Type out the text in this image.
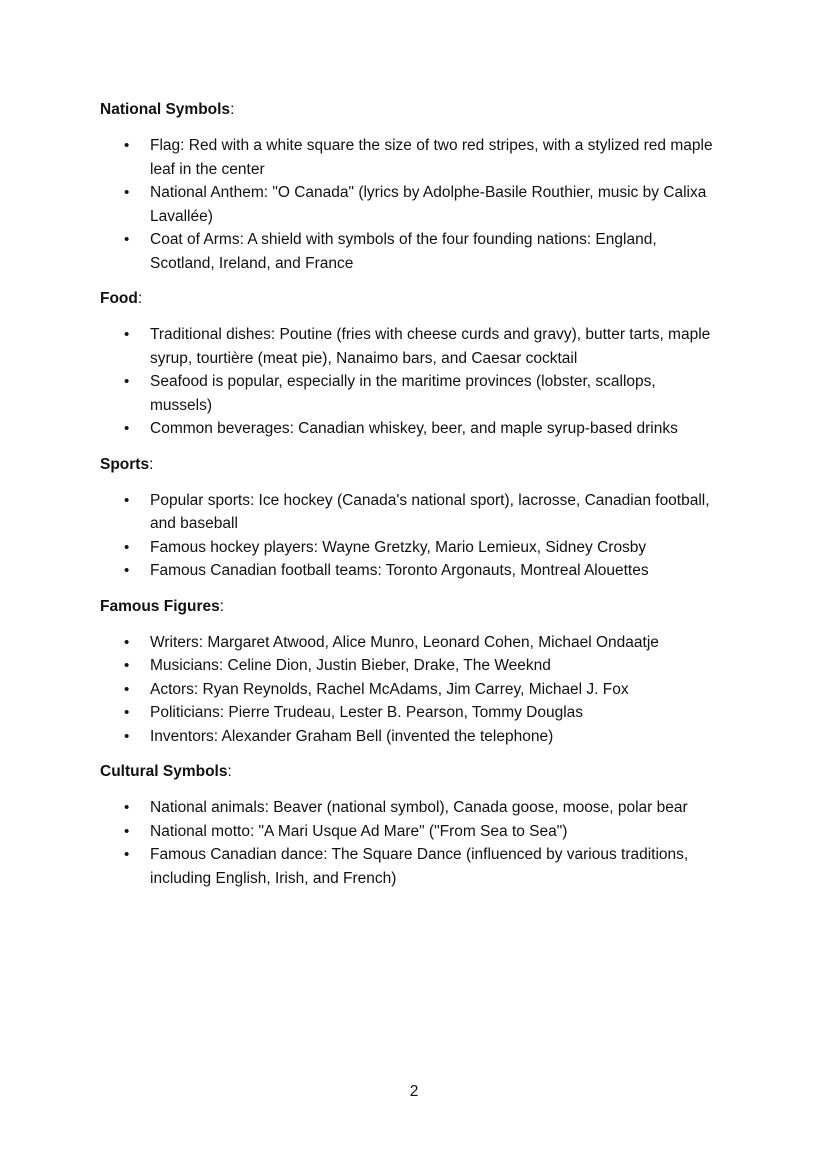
National Symbols:

• Flag: Red with a white square the size of two red stripes, with a stylized red maple leaf in the center
• National Anthem: "O Canada" (lyrics by Adolphe-Basile Routhier, music by Calixa Lavallée)
• Coat of Arms: A shield with symbols of the four founding nations: England, Scotland, Ireland, and France

Food:

• Traditional dishes: Poutine (fries with cheese curds and gravy), butter tarts, maple syrup, tourtière (meat pie), Nanaimo bars, and Caesar cocktail
• Seafood is popular, especially in the maritime provinces (lobster, scallops, mussels)
• Common beverages: Canadian whiskey, beer, and maple syrup-based drinks

Sports:

• Popular sports: Ice hockey (Canada's national sport), lacrosse, Canadian football, and baseball
• Famous hockey players: Wayne Gretzky, Mario Lemieux, Sidney Crosby
• Famous Canadian football teams: Toronto Argonauts, Montreal Alouettes

Famous Figures:

• Writers: Margaret Atwood, Alice Munro, Leonard Cohen, Michael Ondaatje
• Musicians: Celine Dion, Justin Bieber, Drake, The Weeknd
• Actors: Ryan Reynolds, Rachel McAdams, Jim Carrey, Michael J. Fox
• Politicians: Pierre Trudeau, Lester B. Pearson, Tommy Douglas
• Inventors: Alexander Graham Bell (invented the telephone)

Cultural Symbols:

• National animals: Beaver (national symbol), Canada goose, moose, polar bear
• National motto: "A Mari Usque Ad Mare" ("From Sea to Sea")
• Famous Canadian dance: The Square Dance (influenced by various traditions, including English, Irish, and French)
2
